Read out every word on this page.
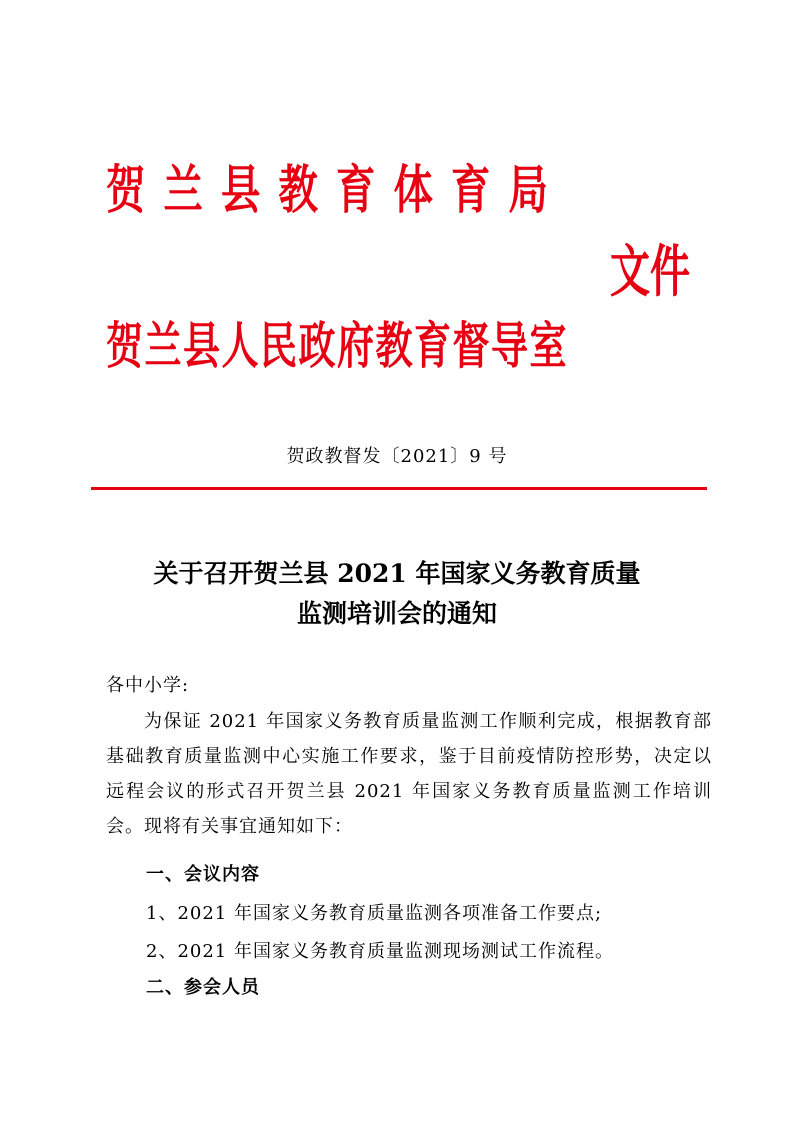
贺兰县教育体育局
文件
贺兰县人民政府教育督导室
贺政教督发〔2021〕9 号
关于召开贺兰县 2021 年国家义务教育质量
监测培训会的通知
各中小学:
为保证 2021 年国家义务教育质量监测工作顺利完成，根据教育部基础教育质量监测中心实施工作要求，鉴于目前疫情防控形势，决定以远程会议的形式召开贺兰县 2021 年国家义务教育质量监测工作培训会。现将有关事宜通知如下：
一、会议内容
1、2021 年国家义务教育质量监测各项准备工作要点;
2、2021 年国家义务教育质量监测现场测试工作流程。
二、参会人员
